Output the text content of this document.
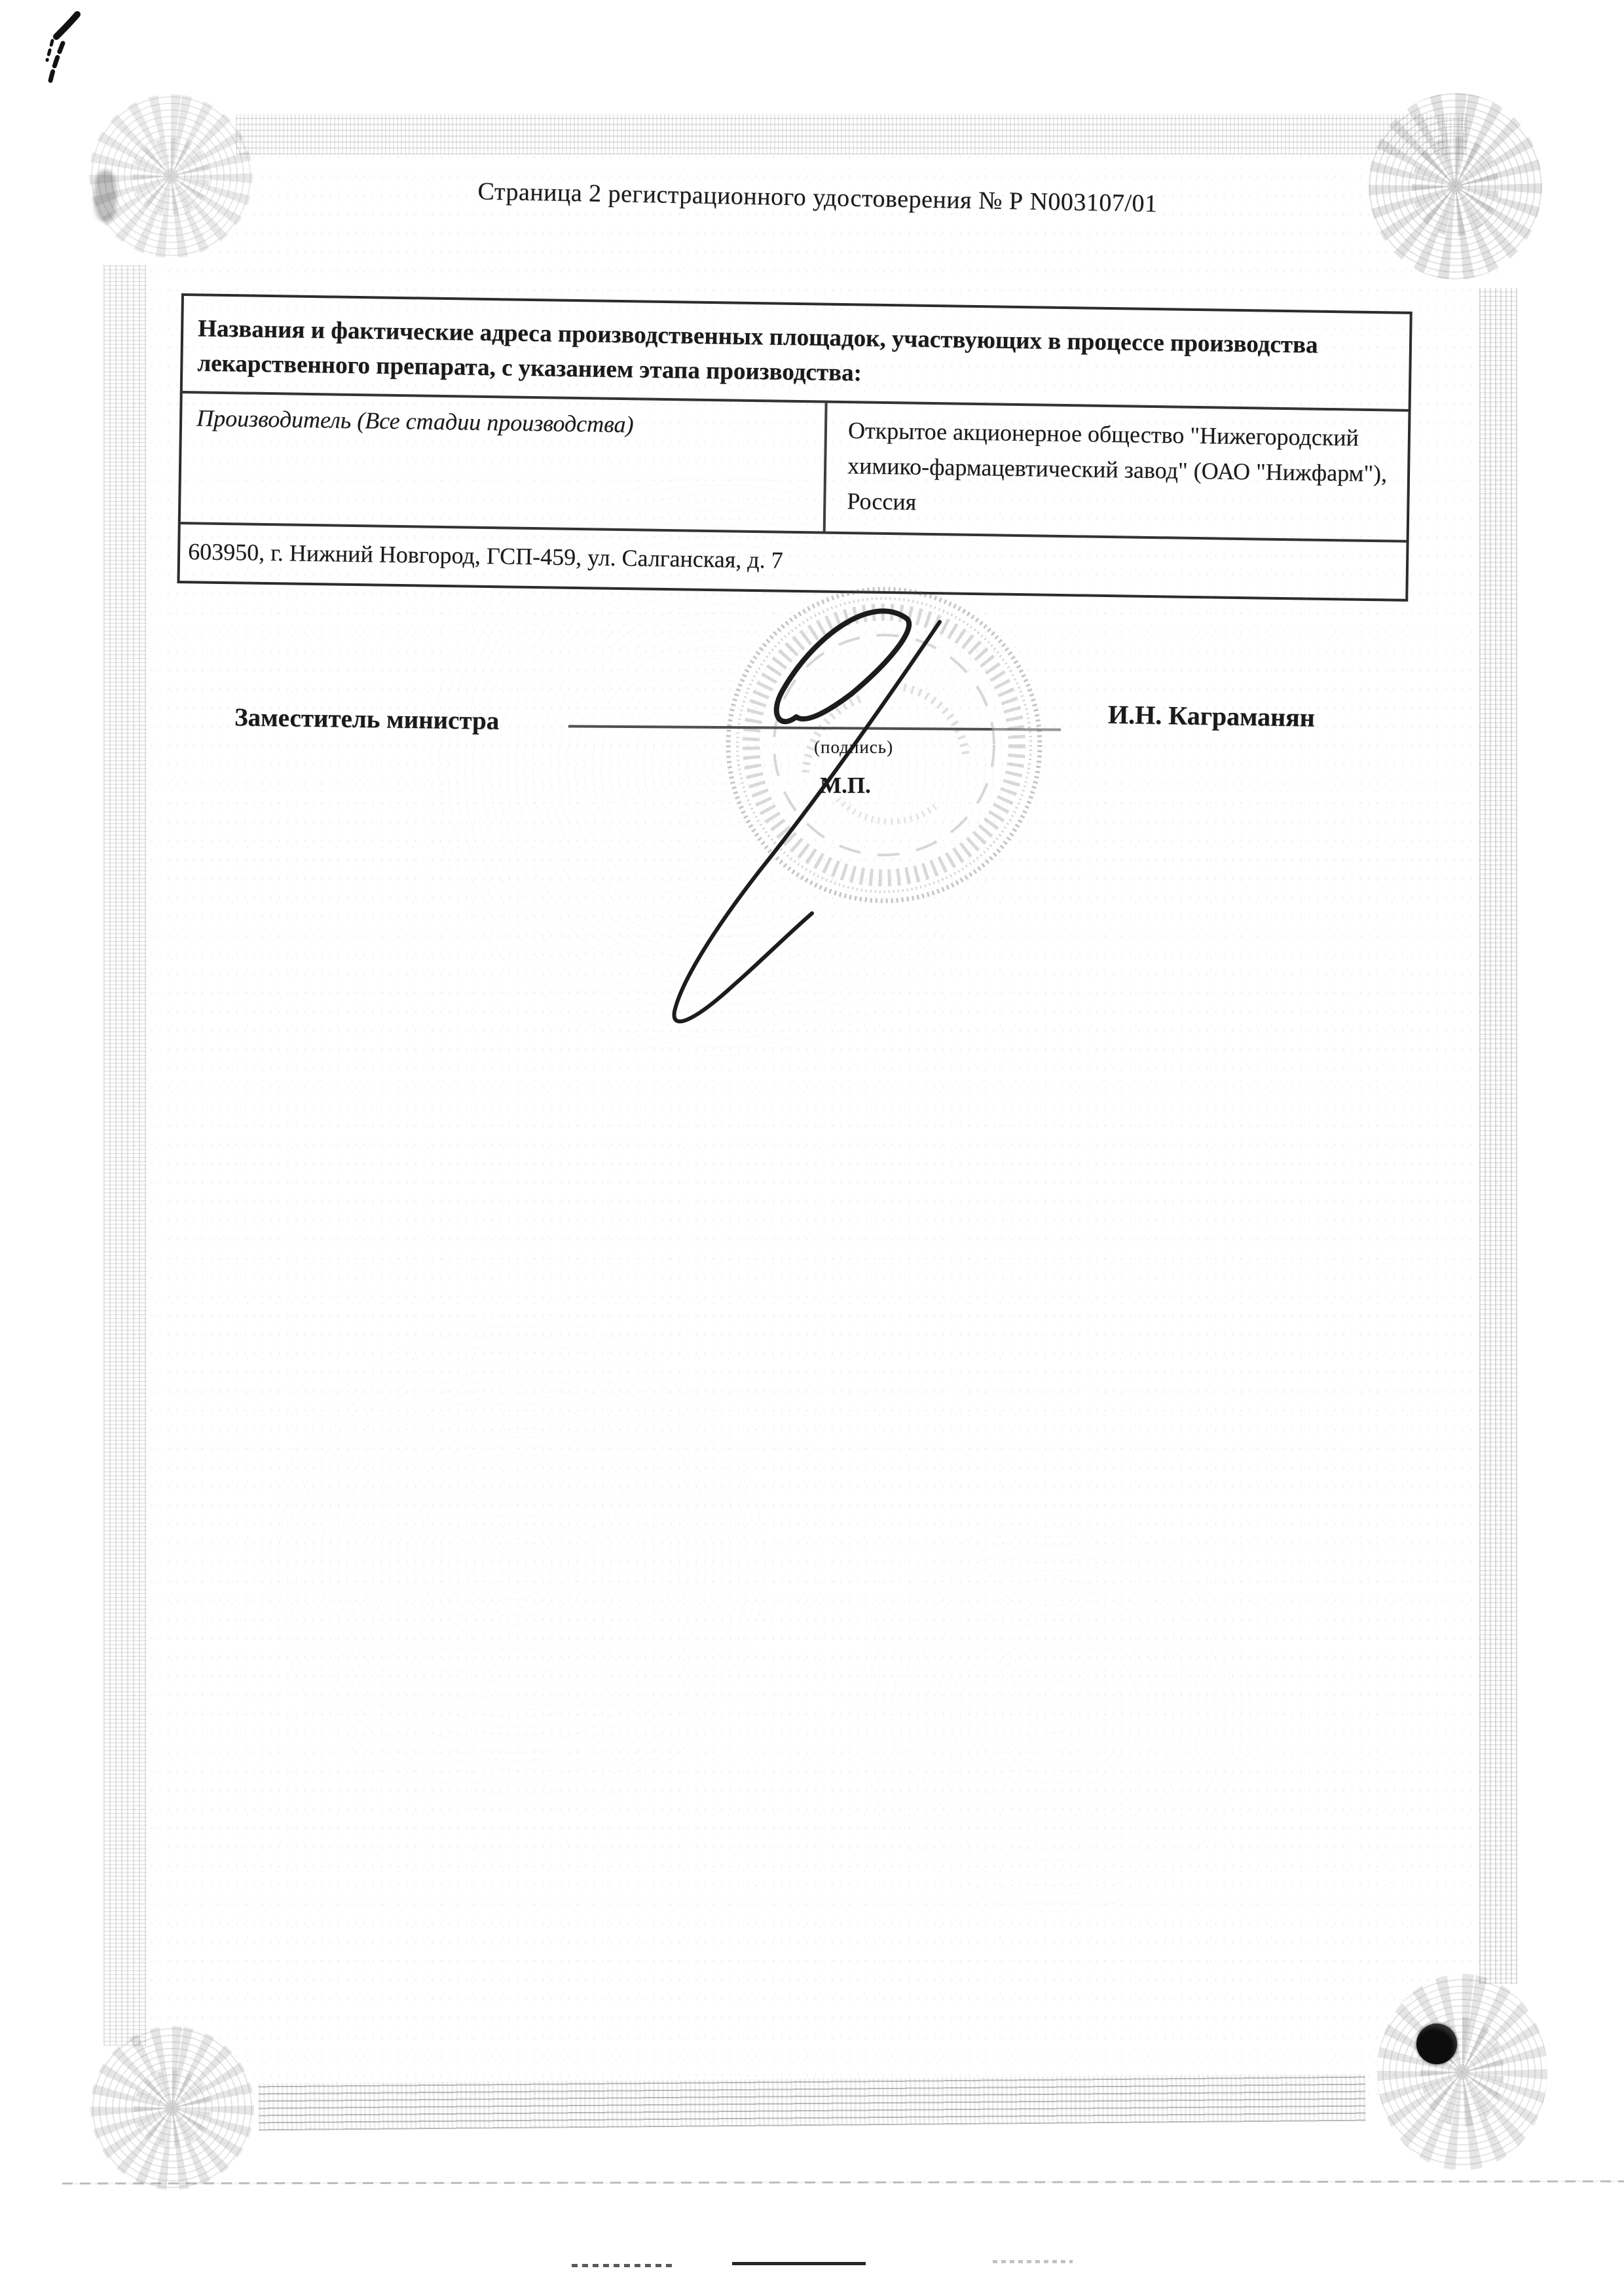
Страница 2 регистрационного удостоверения № Р N003107/01
Названия и фактические адреса производственных площадок, участвующих в процессе производства лекарственного препарата, с указанием этапа производства:
Производитель (Все стадии производства)	Открытое акционерное общество "Нижегородский химико-фармацевтический завод" (ОАО "Нижфарм"), Россия
603950, г. Нижний Новгород, ГСП-459, ул. Салганская, д. 7
Заместитель министра
(подпись)
М.П.
И.Н. Каграманян
